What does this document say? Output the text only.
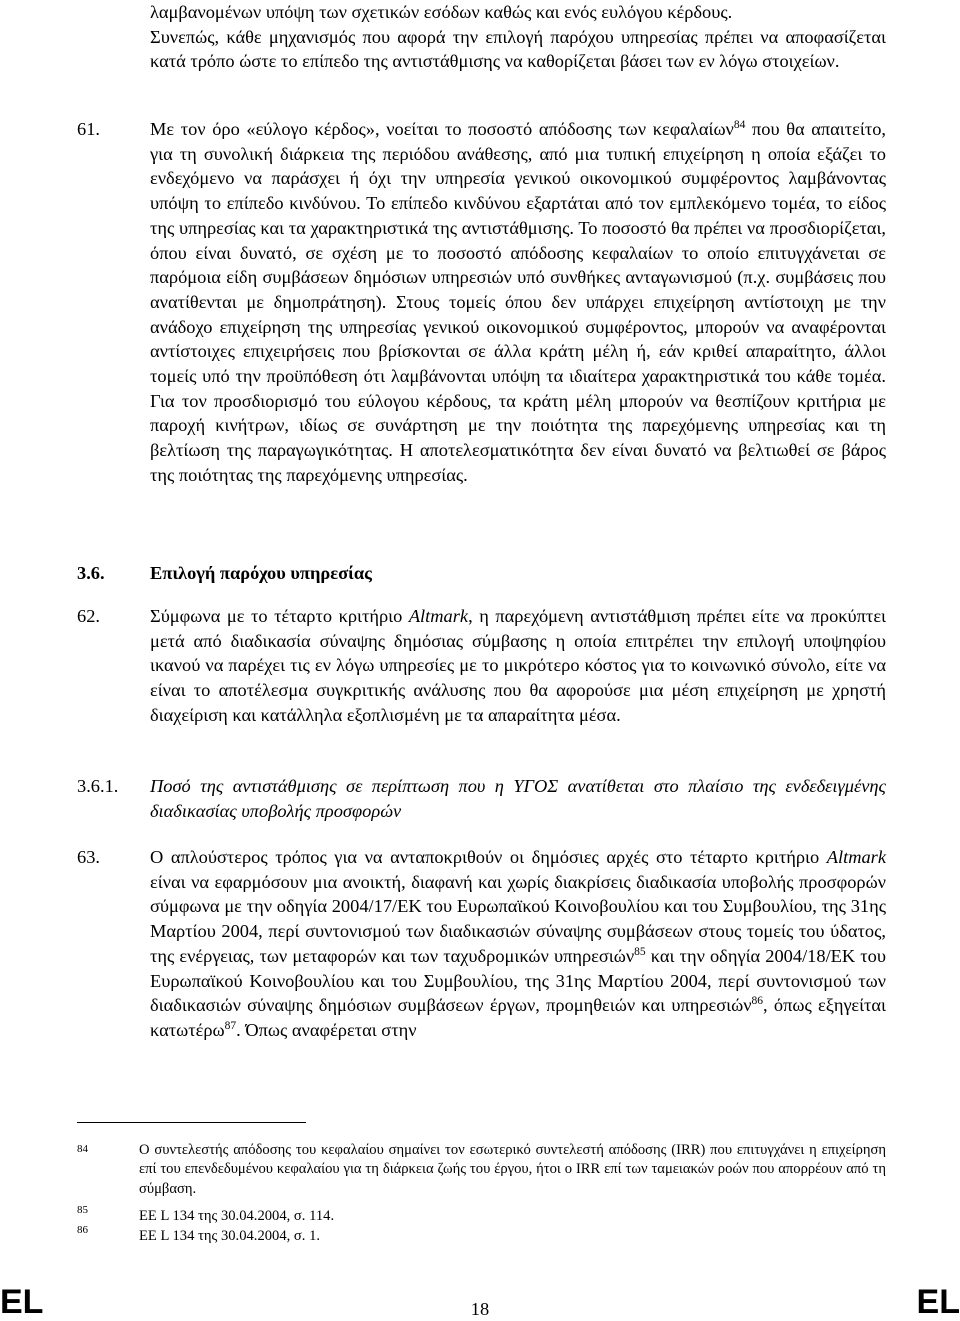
λαμβανομένων υπόψη των σχετικών εσόδων καθώς και ενός ευλόγου κέρδους.
Συνεπώς, κάθε μηχανισμός που αφορά την επιλογή παρόχου υπηρεσίας πρέπει να αποφασίζεται κατά τρόπο ώστε το επίπεδο της αντιστάθμισης να καθορίζεται βάσει των εν λόγω στοιχείων.
61.	Με τον όρο «εύλογο κέρδος», νοείται το ποσοστό απόδοσης των κεφαλαίων$^{84}$ που θα απαιτείτο, για τη συνολική διάρκεια της περιόδου ανάθεσης, από μια τυπική επιχείρηση η οποία εξάζει το ενδεχόμενο να παράσχει ή όχι την υπηρεσία γενικού οικονομικού συμφέροντος λαμβάνοντας υπόψη το επίπεδο κινδύνου. Το επίπεδο κινδύνου εξαρτάται από τον εμπλεκόμενο τομέα, το είδος της υπηρεσίας και τα χαρακτηριστικά της αντιστάθμισης. Το ποσοστό θα πρέπει να προσδιορίζεται, όπου είναι δυνατό, σε σχέση με το ποσοστό απόδοσης κεφαλαίων το οποίο επιτυγχάνεται σε παρόμοια είδη συμβάσεων δημόσιων υπηρεσιών υπό συνθήκες ανταγωνισμού (π.χ. συμβάσεις που ανατίθενται με δημοπράτηση). Στους τομείς όπου δεν υπάρχει επιχείρηση αντίστοιχη με την ανάδοχο επιχείρηση της υπηρεσίας γενικού οικονομικού συμφέροντος, μπορούν να αναφέρονται αντίστοιχες επιχειρήσεις που βρίσκονται σε άλλα κράτη μέλη ή, εάν κριθεί απαραίτητο, άλλοι τομείς υπό την προϋπόθεση ότι λαμβάνονται υπόψη τα ιδιαίτερα χαρακτηριστικά του κάθε τομέα. Για τον προσδιορισμό του εύλογου κέρδους, τα κράτη μέλη μπορούν να θεσπίζουν κριτήρια με παροχή κινήτρων, ιδίως σε συνάρτηση με την ποιότητα της παρεχόμενης υπηρεσίας και τη βελτίωση της παραγωγικότητας. Η αποτελεσματικότητα δεν είναι δυνατό να βελτιωθεί σε βάρος της ποιότητας της παρεχόμενης υπηρεσίας.
3.6. Επιλογή παρόχου υπηρεσίας
62.	Σύμφωνα με το τέταρτο κριτήριο Altmark, η παρεχόμενη αντιστάθμιση πρέπει είτε να προκύπτει μετά από διαδικασία σύναψης δημόσιας σύμβασης η οποία επιτρέπει την επιλογή υποψηφίου ικανού να παρέχει τις εν λόγω υπηρεσίες με το μικρότερο κόστος για το κοινωνικό σύνολο, είτε να είναι το αποτέλεσμα συγκριτικής ανάλυσης που θα αφορούσε μια μέση επιχείρηση με χρηστή διαχείριση και κατάλληλα εξοπλισμένη με τα απαραίτητα μέσα.
3.6.1. Ποσό της αντιστάθμισης σε περίπτωση που η ΥΓΟΣ ανατίθεται στο πλαίσιο της ενδεδειγμένης διαδικασίας υποβολής προσφορών
63.	Ο απλούστερος τρόπος για να ανταποκριθούν οι δημόσιες αρχές στο τέταρτο κριτήριο Altmark είναι να εφαρμόσουν μια ανοικτή, διαφανή και χωρίς διακρίσεις διαδικασία υποβολής προσφορών σύμφωνα με την οδηγία 2004/17/ΕΚ του Ευρωπαϊκού Κοινοβουλίου και του Συμβουλίου, της 31ης Μαρτίου 2004, περί συντονισμού των διαδικασιών σύναψης συμβάσεων στους τομείς του ύδατος, της ενέργειας, των μεταφορών και των ταχυδρομικών υπηρεσιών$^{85}$ και την οδηγία 2004/18/ΕΚ του Ευρωπαϊκού Κοινοβουλίου και του Συμβουλίου, της 31ης Μαρτίου 2004, περί συντονισμού των διαδικασιών σύναψης δημόσιων συμβάσεων έργων, προμηθειών και υπηρεσιών$^{86}$, όπως εξηγείται κατωτέρω$^{87}$. Όπως αναφέρεται στην
84	Ο συντελεστής απόδοσης του κεφαλαίου σημαίνει τον εσωτερικό συντελεστή απόδοσης (IRR) που επιτυγχάνει η επιχείρηση επί του επενδεδυμένου κεφαλαίου για τη διάρκεια ζωής του έργου, ήτοι ο IRR επί των ταμειακών ροών που απορρέουν από τη σύμβαση.
85	ΕΕ L 134 της 30.04.2004, σ. 114.
86	ΕΕ L 134 της 30.04.2004, σ. 1.
EL	18	EL
